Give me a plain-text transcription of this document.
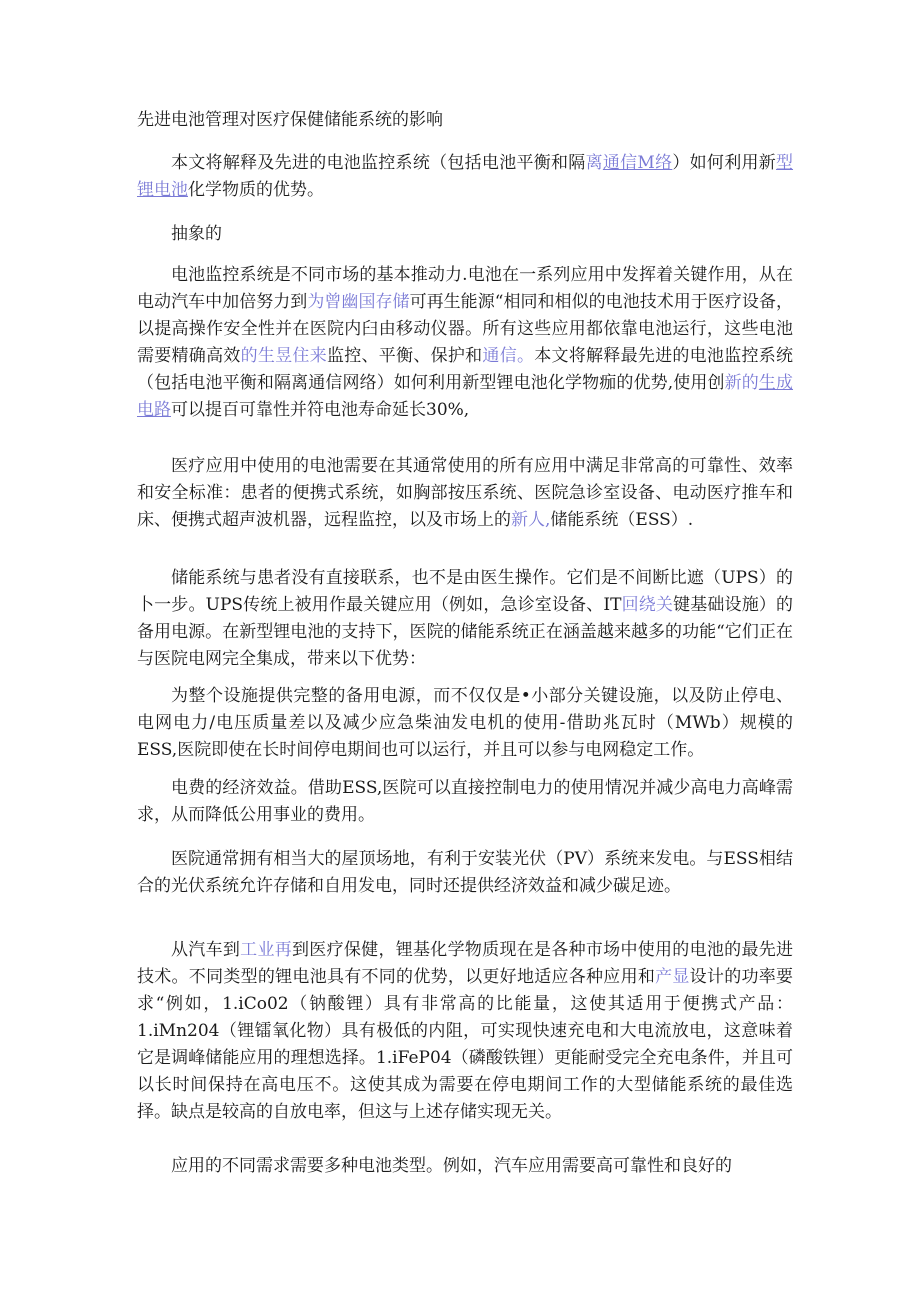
先进电池管理对医疗保健储能系统的影响

本文将解释及先进的电池监控系统（包括电池平衡和隔离通信M络）如何利用新型锂电池化学物质的优势。

抽象的

电池监控系统是不同市场的基本推动力.电池在一系列应用中发挥着关键作用，从在电动汽车中加倍努力到为曾幽国存储可再生能源“相同和相似的电池技术用于医疗设备，以提高操作安全性并在医院内臼由移动仪器。所有这些应用都依靠电池运行，这些电池需要精确高效的生昱住来监控、平衡、保护和通信。本文将解释最先进的电池监控系统（包括电池平衡和隔离通信网络）如何利用新型锂电池化学物痂的优势,使用创新的生成电路可以提百可靠性并符电池寿命延长30%,

医疗应用中使用的电池需要在其通常使用的所有应用中满足非常高的可靠性、效率和安全标准：患者的便携式系统，如胸部按压系统、医院急诊室设备、电动医疗推车和床、便携式超声波机器，远程监控，以及市场上的新人,储能系统（ESS）.

储能系统与患者没有直接联系，也不是由医生操作。它们是不间断比遮（UPS）的卜一步。UPS传统上被用作最关键应用（例如，急诊室设备、IT回绕关键基础设施）的备用电源。在新型锂电池的支持下，医院的储能系统正在涵盖越来越多的功能“它们正在与医院电网完全集成，带来以下优势：

为整个设施提供完整的备用电源，而不仅仅是•小部分关键设施，以及防止停电、电网电力/电压质量差以及减少应急柴油发电机的使用-借助兆瓦时（MWb）规模的ESS,医院即使在长时间停电期间也可以运行，并且可以参与电网稳定工作。

电费的经济效益。借助ESS,医院可以直接控制电力的使用情况并减少高电力高峰需求，从而降低公用事业的费用。

医院通常拥有相当大的屋顶场地，有利于安装光伏（PV）系统来发电。与ESS相结合的光伏系统允许存储和自用发电，同时还提供经济效益和减少碳足迹。

从汽车到工业再到医疗保健，锂基化学物质现在是各种市场中使用的电池的最先进技术。不同类型的锂电池具有不同的优势，以更好地适应各种应用和产显设计的功率要求“例如，1.iCo02（钠酸锂）具有非常高的比能量，这使其适用于便携式产品：1.iMn204（锂镭氧化物）具有极低的内阻，可实现快速充电和大电流放电，这意味着它是调峰储能应用的理想选择。1.iFeP04（磷酸铁锂）更能耐受完全充电条件，并且可以长时间保持在高电压不。这使其成为需要在停电期间工作的大型储能系统的最佳选择。缺点是较高的自放电率，但这与上述存储实现无关。

应用的不同需求需要多种电池类型。例如，汽车应用需要高可靠性和良好的
